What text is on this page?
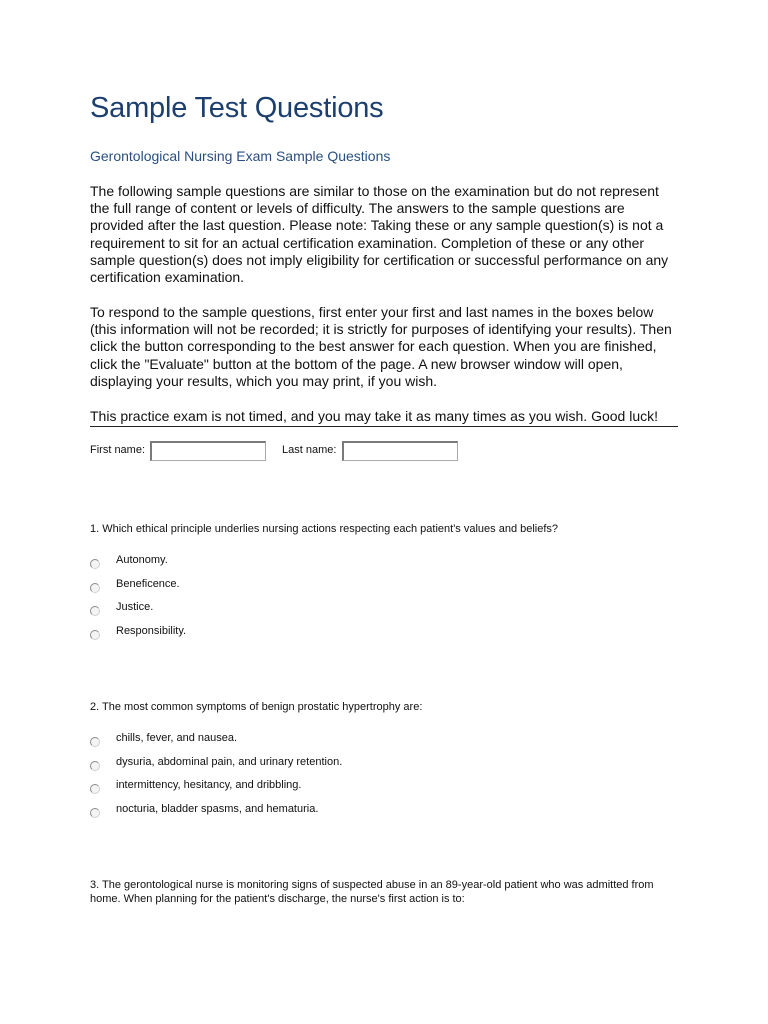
Sample Test Questions
Gerontological Nursing Exam Sample Questions

The following sample questions are similar to those on the examination but do not represent the full range of content or levels of difficulty. The answers to the sample questions are provided after the last question. Please note: Taking these or any sample question(s) is not a requirement to sit for an actual certification examination. Completion of these or any other sample question(s) does not imply eligibility for certification or successful performance on any certification examination.

To respond to the sample questions, first enter your first and last names in the boxes below (this information will not be recorded; it is strictly for purposes of identifying your results). Then click the button corresponding to the best answer for each question. When you are finished, click the "Evaluate" button at the bottom of the page. A new browser window will open, displaying your results, which you may print, if you wish.

This practice exam is not timed, and you may take it as many times as you wish. Good luck!
First name:	Last name:

1. Which ethical principle underlies nursing actions respecting each patient's values and beliefs?

Autonomy.
Beneficence.
Justice.
Responsibility.

2. The most common symptoms of benign prostatic hypertrophy are:

chills, fever, and nausea.
dysuria, abdominal pain, and urinary retention.
intermittency, hesitancy, and dribbling.
nocturia, bladder spasms, and hematuria.

3. The gerontological nurse is monitoring signs of suspected abuse in an 89-year-old patient who was admitted from home. When planning for the patient's discharge, the nurse's first action is to:
